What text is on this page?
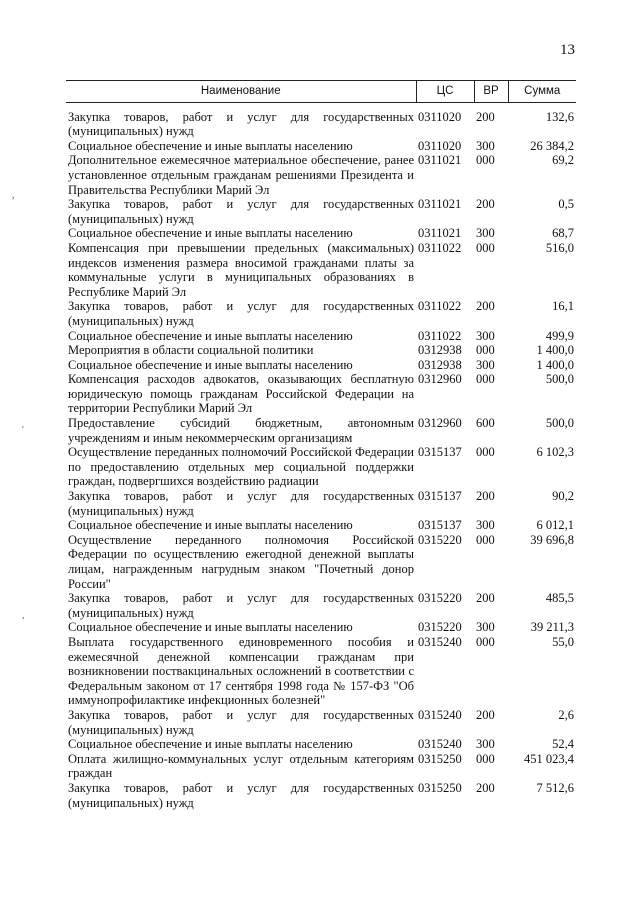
13
,
'
,
Наименование	ЦС	ВР	Сумма

Закупка товаров, работ и услуг для государственных (муниципальных) нужд	0311020	200	132,6
Социальное обеспечение и иные выплаты населению	0311020	300	26 384,2
Дополнительное ежемесячное материальное обеспечение, ранее установленное отдельным гражданам решениями Президента и Правительства Республики Марий Эл	0311021	000	69,2
Закупка товаров, работ и услуг для государственных (муниципальных) нужд	0311021	200	0,5
Социальное обеспечение и иные выплаты населению	0311021	300	68,7
Компенсация при превышении предельных (максимальных) индексов изменения размера вносимой гражданами платы за коммунальные услуги в муниципальных образованиях в Республике Марий Эл	0311022	000	516,0
Закупка товаров, работ и услуг для государственных (муниципальных) нужд	0311022	200	16,1
Социальное обеспечение и иные выплаты населению	0311022	300	499,9
Мероприятия в области социальной политики	0312938	000	1 400,0
Социальное обеспечение и иные выплаты населению	0312938	300	1 400,0
Компенсация расходов адвокатов, оказывающих бесплатную юридическую помощь гражданам Российской Федерации на территории Республики Марий Эл	0312960	000	500,0
Предоставление субсидий бюджетным, автономным учреждениям и иным некоммерческим организациям	0312960	600	500,0
Осуществление переданных полномочий Российской Федерации по предоставлению отдельных мер социальной поддержки граждан, подвергшихся воздействию радиации	0315137	000	6 102,3
Закупка товаров, работ и услуг для государственных (муниципальных) нужд	0315137	200	90,2
Социальное обеспечение и иные выплаты населению	0315137	300	6 012,1
Осуществление переданного полномочия Российской Федерации по осуществлению ежегодной денежной выплаты лицам, награжденным нагрудным знаком "Почетный донор России"	0315220	000	39 696,8
Закупка товаров, работ и услуг для государственных (муниципальных) нужд	0315220	200	485,5
Социальное обеспечение и иные выплаты населению	0315220	300	39 211,3
Выплата государственного единовременного пособия и ежемесячной денежной компенсации гражданам при возникновении поствакцинальных осложнений в соответствии с Федеральным законом от 17 сентября 1998 года № 157-ФЗ "Об иммунопрофилактике инфекционных болезней"	0315240	000	55,0
Закупка товаров, работ и услуг для государственных (муниципальных) нужд	0315240	200	2,6
Социальное обеспечение и иные выплаты населению	0315240	300	52,4
Оплата жилищно-коммунальных услуг отдельным категориям граждан	0315250	000	451 023,4
Закупка товаров, работ и услуг для государственных (муниципальных) нужд	0315250	200	7 512,6
